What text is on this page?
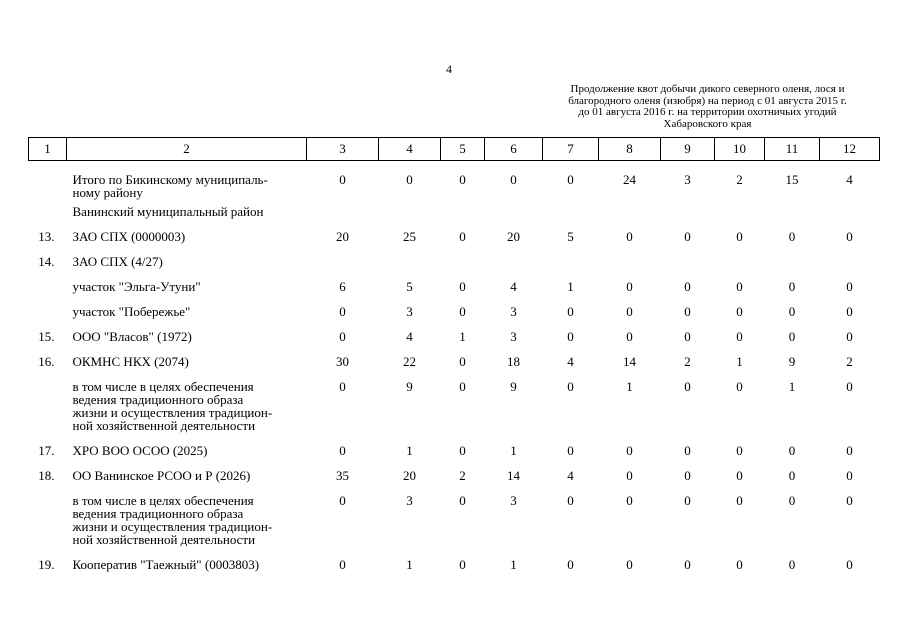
4
Продолжение квот добычи дикого северного оленя, лося и
благородного оленя (изюбря) на период с 01 августа 2015 г.
до 01 августа 2016 г. на территории охотничьих угодий
Хабаровского края
1	2	3	4	5	6	7	8	9	10	11	12

	Итого по Бикинскому муниципаль-
ному району	0	0	0	0	0	24	3	2	15	4

	Ванинский муниципальный район										

13.	ЗАО СПХ (0000003)	20	25	0	20	5	0	0	0	0	0
14.	ЗАО СПХ (4/27)										

	участок "Эльга-Утуни"	6	5	0	4	1	0	0	0	0	0

	участок "Побережье"	0	3	0	3	0	0	0	0	0	0
15.	ООО "Власов" (1972)	0	4	1	3	0	0	0	0	0	0
16.	ОКМНС НКХ (2074)	30	22	0	18	4	14	2	1	9	2

	в том числе в целях обеспечения
ведения традиционного образа
жизни и осуществления традицион-
ной хозяйственной деятельности	0	9	0	9	0	1	0	0	1	0
17.	ХРО ВОО ОСОО (2025)	0	1	0	1	0	0	0	0	0	0
18.	ОО Ванинское РСОО и Р (2026)	35	20	2	14	4	0	0	0	0	0

	в том числе в целях обеспечения
ведения традиционного образа
жизни и осуществления традицион-
ной хозяйственной деятельности	0	3	0	3	0	0	0	0	0	0
19.	Кооператив "Таежный" (0003803)	0	1	0	1	0	0	0	0	0	0
